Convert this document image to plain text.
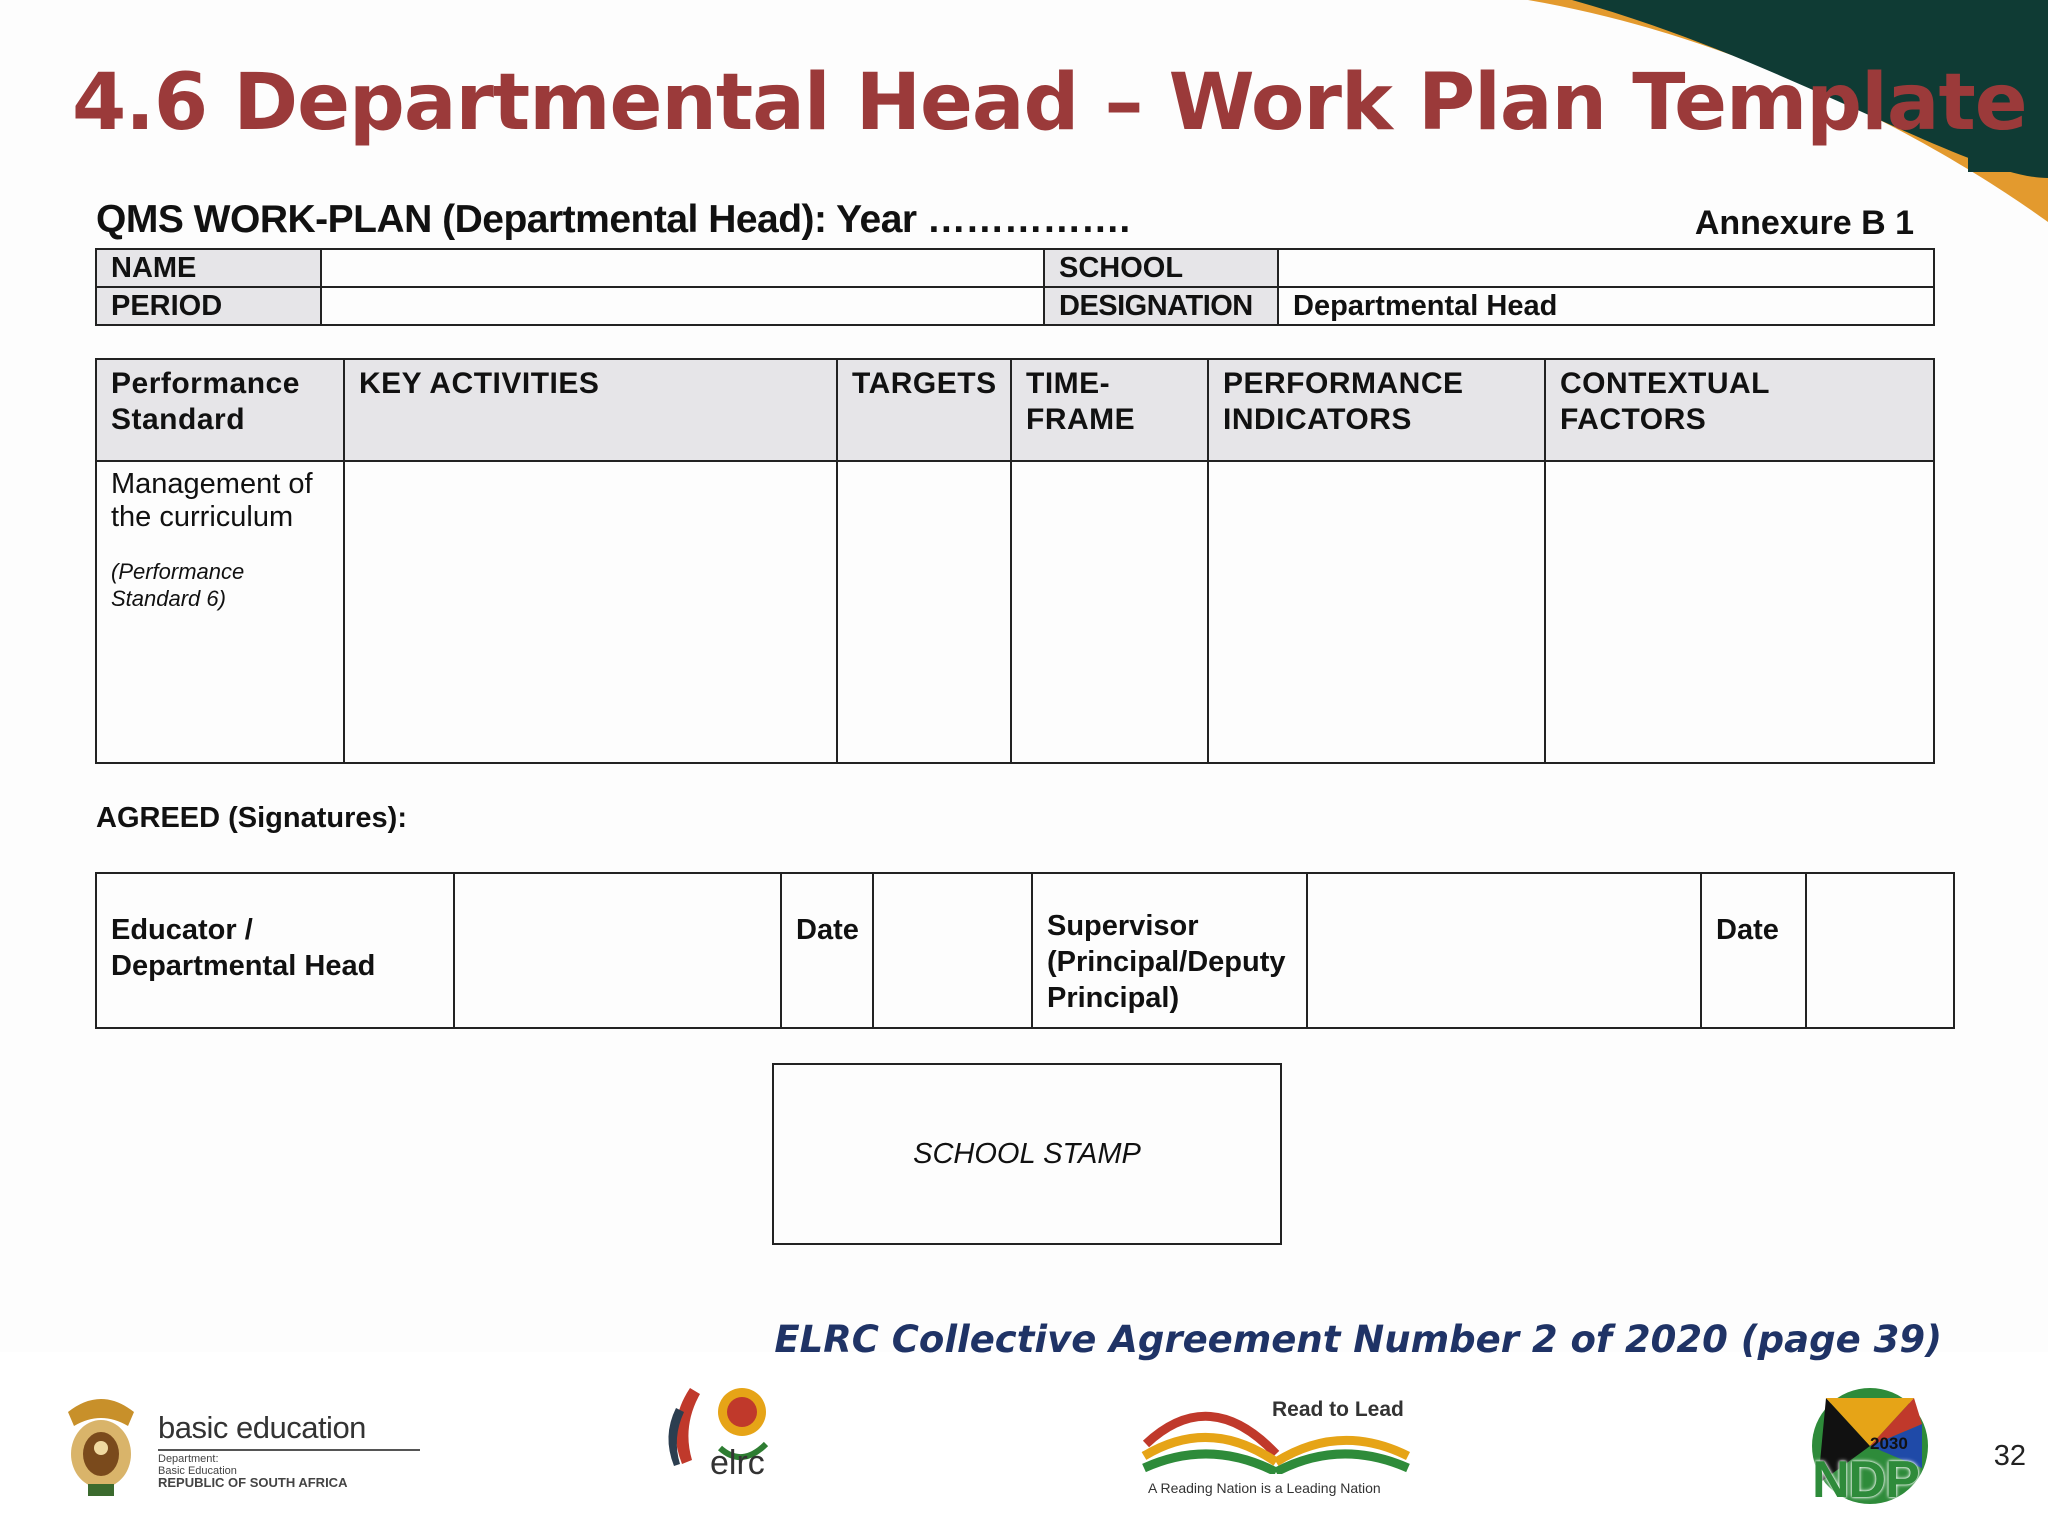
4.6 Departmental Head – Work Plan Template
QMS WORK-PLAN (Departmental Head): Year …………….	Annexure B 1
NAME		SCHOOL	
PERIOD		DESIGNATION	Departmental Head
Performance Standard	KEY ACTIVITIES	TARGETS	TIME-FRAME	PERFORMANCE INDICATORS	CONTEXTUAL FACTORS

Management of the curriculum
(Performance Standard 6)					

AGREED (Signatures):
Educator / Departmental Head		Date		Supervisor (Principal/Deputy Principal)		Date	
SCHOOL STAMP
ELRC Collective Agreement Number 2 of 2020 (page 39)
basic education
Department:
Basic Education
REPUBLIC OF SOUTH AFRICA
elrc
Read to Lead
A Reading Nation is a Leading Nation
2030
NDP	32
